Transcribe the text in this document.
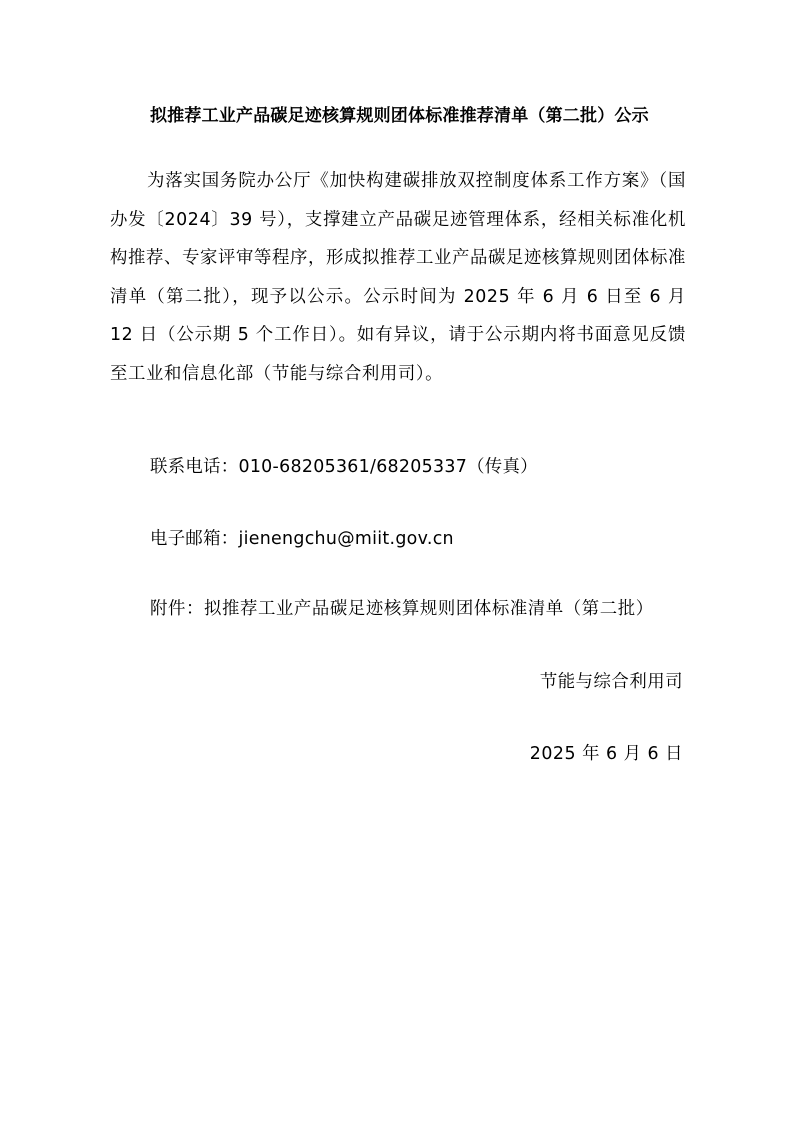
拟推荐工业产品碳足迹核算规则团体标准推荐清单（第二批）公示
为落实国务院办公厅《加快构建碳排放双控制度体系工作方案》（国办发〔2024〕39 号），支撑建立产品碳足迹管理体系，经相关标准化机构推荐、专家评审等程序，形成拟推荐工业产品碳足迹核算规则团体标准清单（第二批），现予以公示。公示时间为 2025 年 6 月 6 日至 6 月 12 日（公示期 5 个工作日）。如有异议，请于公示期内将书面意见反馈至工业和信息化部（节能与综合利用司）。
联系电话：010-68205361/68205337（传真）
电子邮箱：jienengchu@miit.gov.cn
附件：拟推荐工业产品碳足迹核算规则团体标准清单（第二批）
节能与综合利用司
2025 年 6 月 6 日
